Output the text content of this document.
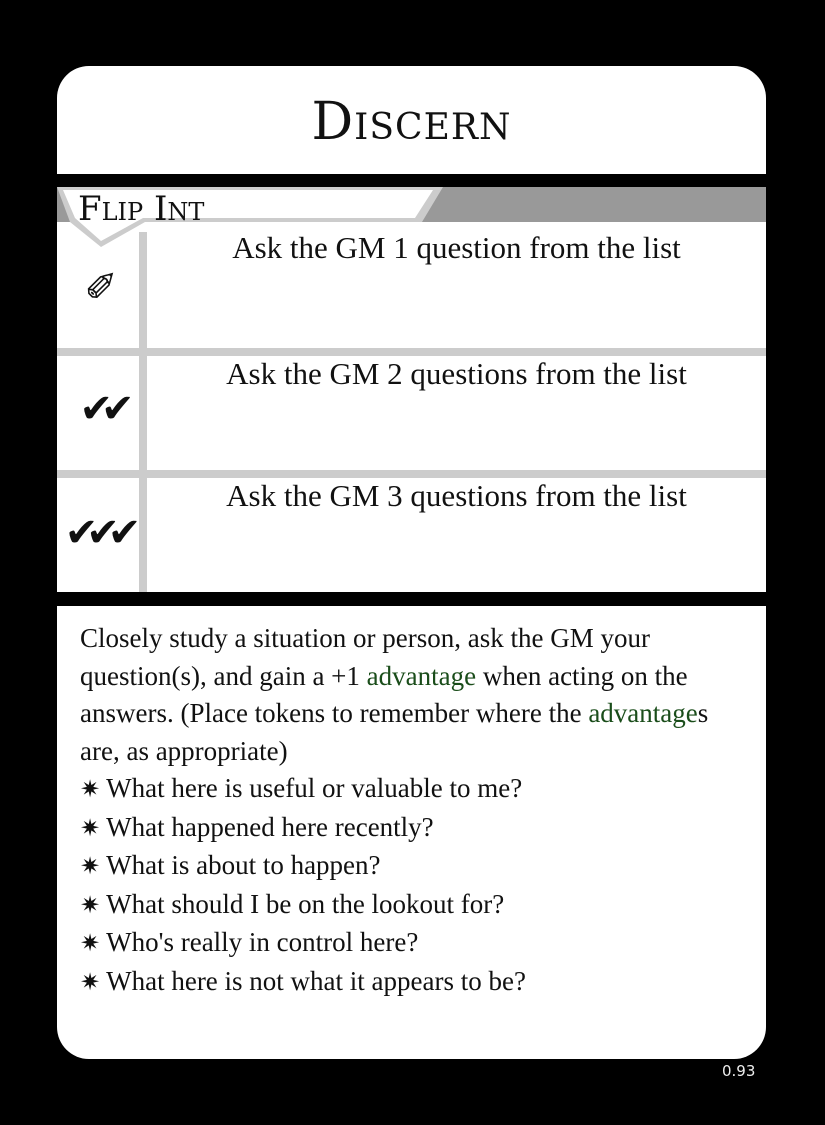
Discern
Flip Int
✐
Ask the GM 1 question from the list
✔✔
Ask the GM 2 questions from the list
✔✔✔
Ask the GM 3 questions from the list
Closely study a situation or person, ask the GM your question(s), and gain a +1 advantage when acting on the answers. (Place tokens to remember where the advantages are, as appropriate)
✷ What here is useful or valuable to me?
✷ What happened here recently?
✷ What is about to happen?
✷ What should I be on the lookout for?
✷ Who's really in control here?
✷ What here is not what it appears to be?
0.93
